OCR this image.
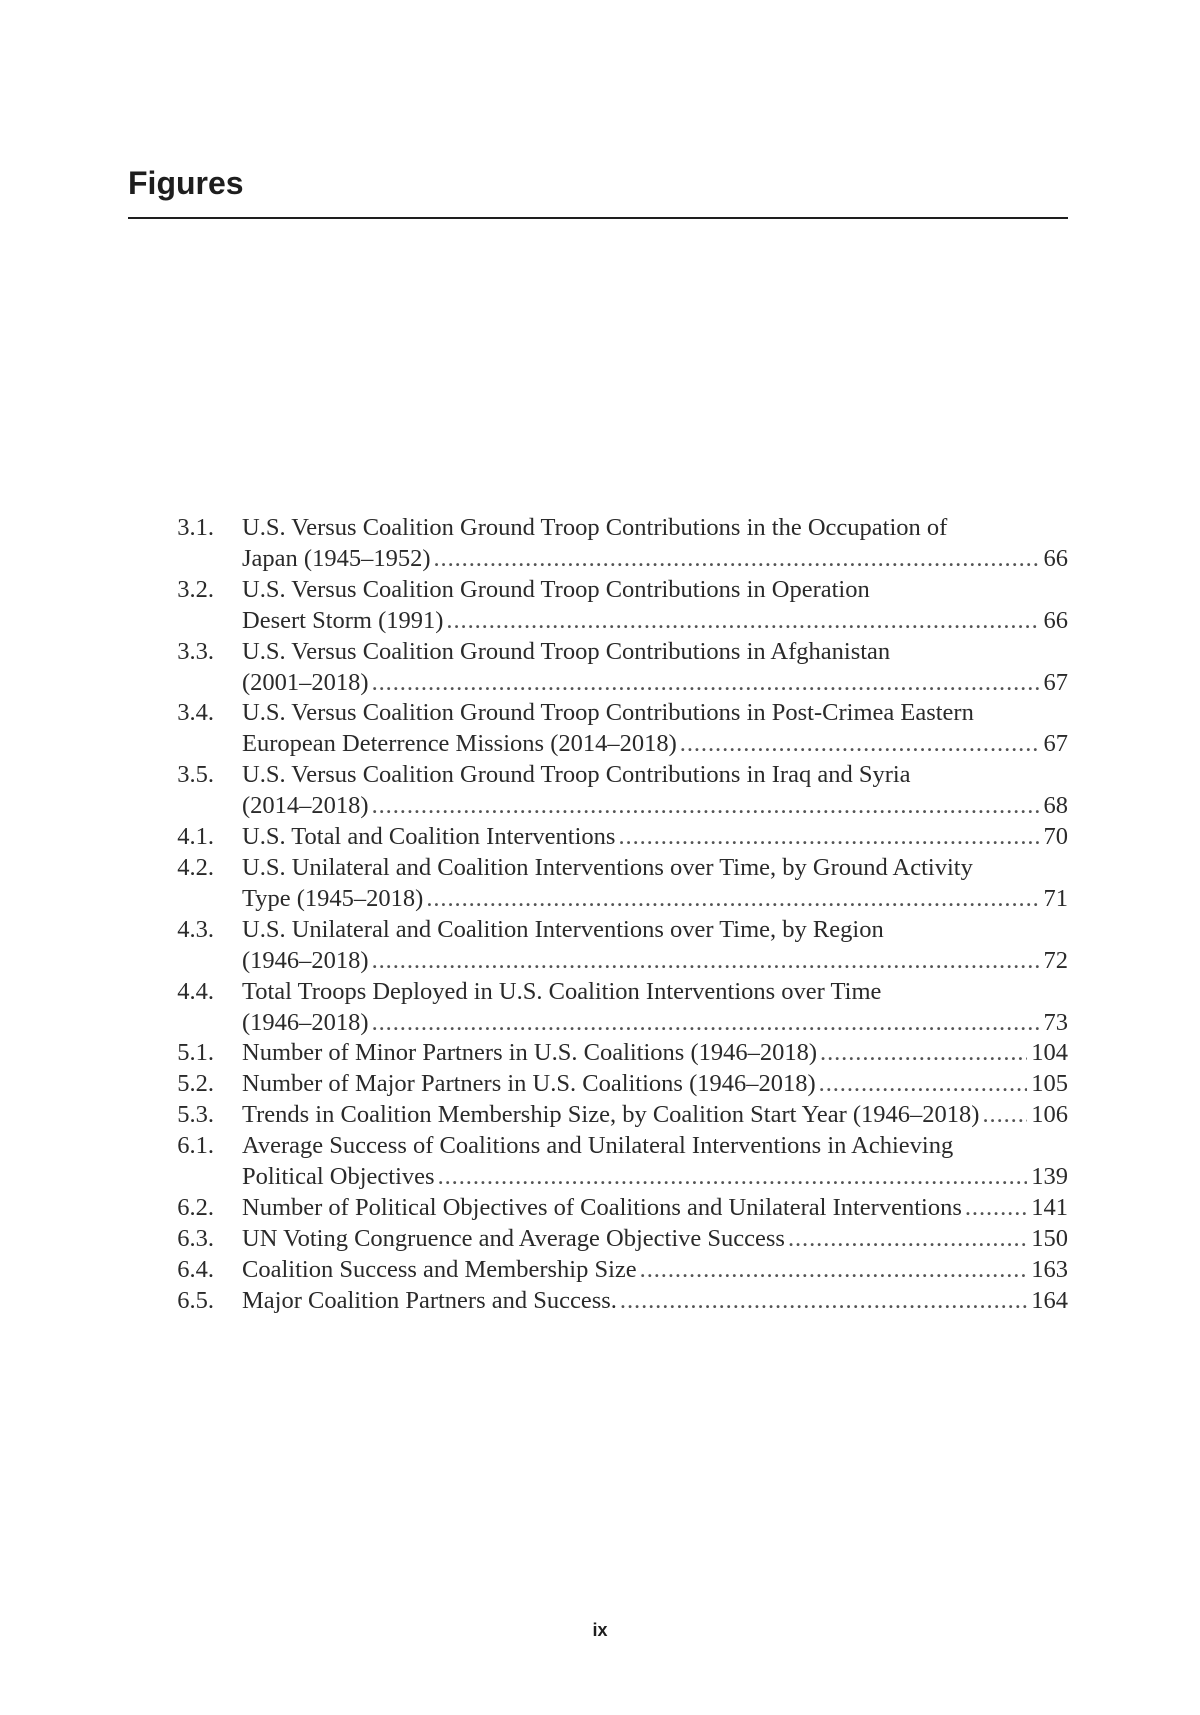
Figures
3.1. U.S. Versus Coalition Ground Troop Contributions in the Occupation of
Japan (1945–1952) . . .	66
3.2. U.S. Versus Coalition Ground Troop Contributions in Operation
Desert Storm (1991) . . .	66
3.3. U.S. Versus Coalition Ground Troop Contributions in Afghanistan
(2001–2018) . . .	67
3.4. U.S. Versus Coalition Ground Troop Contributions in Post-Crimea Eastern
European Deterrence Missions (2014–2018) . . .	67
3.5. U.S. Versus Coalition Ground Troop Contributions in Iraq and Syria
(2014–2018) . . .	68
4.1. U.S. Total and Coalition Interventions . . .	70
4.2. U.S. Unilateral and Coalition Interventions over Time, by Ground Activity
Type (1945–2018) . . .	71
4.3. U.S. Unilateral and Coalition Interventions over Time, by Region
(1946–2018) . . .	72
4.4. Total Troops Deployed in U.S. Coalition Interventions over Time
(1946–2018) . . .	73
5.1. Number of Minor Partners in U.S. Coalitions (1946–2018) . . .	104
5.2. Number of Major Partners in U.S. Coalitions (1946–2018) . . .	105
5.3. Trends in Coalition Membership Size, by Coalition Start Year (1946–2018) . . . 106
6.1. Average Success of Coalitions and Unilateral Interventions in Achieving
Political Objectives . . .	139
6.2. Number of Political Objectives of Coalitions and Unilateral Interventions . . .	141
6.3. UN Voting Congruence and Average Objective Success . . .	150
6.4. Coalition Success and Membership Size . . .	163
6.5. Major Coalition Partners and Success. . . .	164
ix
